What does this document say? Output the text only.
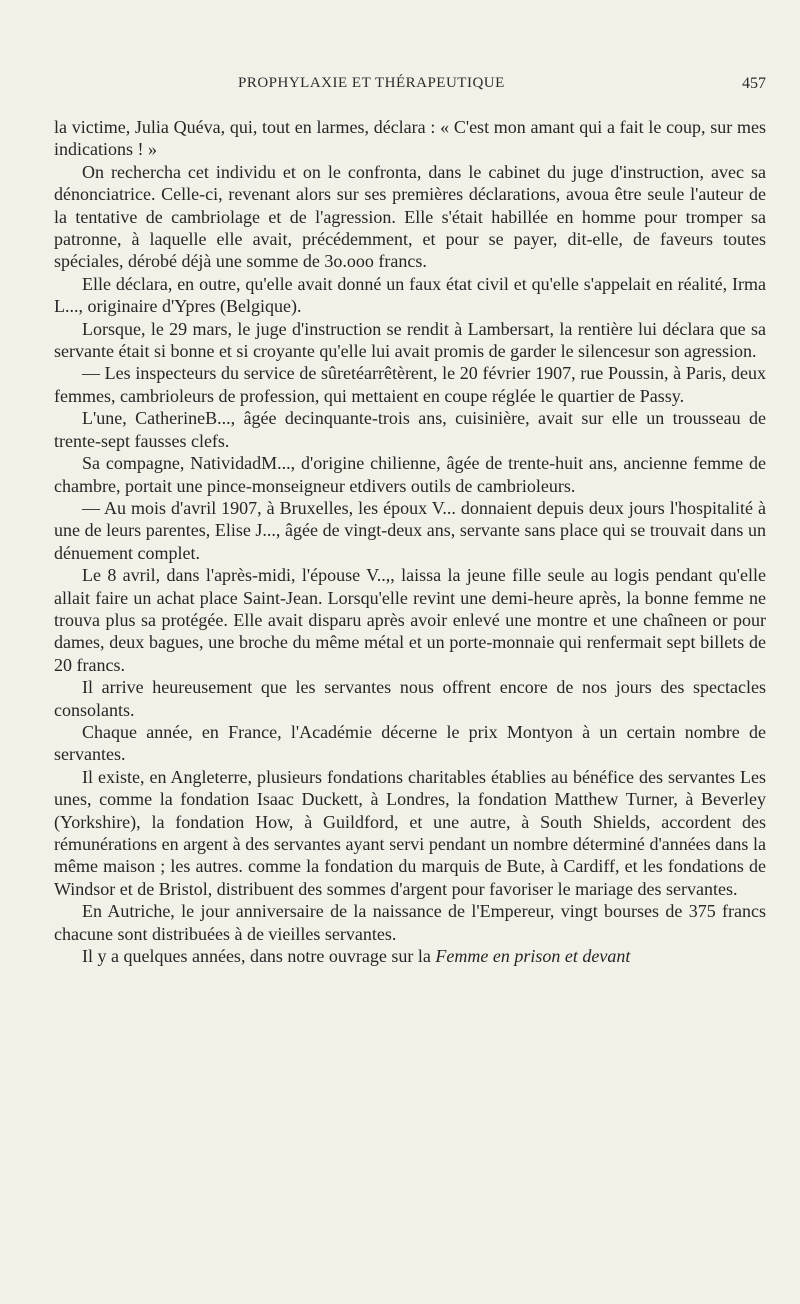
PROPHYLAXIE ET THÉRAPEUTIQUE	457

la victime, Julia Quéva, qui, tout en larmes, déclara : « C'est mon amant qui a fait le coup, sur mes indications ! »

On rechercha cet individu et on le confronta, dans le cabinet du juge d'instruction, avec sa dénonciatrice. Celle-ci, revenant alors sur ses premières déclarations, avoua être seule l'auteur de la tentative de cambriolage et de l'agression. Elle s'était habillée en homme pour tromper sa patronne, à laquelle elle avait, précédemment, et pour se payer, dit-elle, de faveurs toutes spéciales, dérobé déjà une somme de 3o.ooo francs.

Elle déclara, en outre, qu'elle avait donné un faux état civil et qu'elle s'appelait en réalité, Irma L..., originaire d'Ypres (Belgique).

Lorsque, le 29 mars, le juge d'instruction se rendit à Lambersart, la rentière lui déclara que sa servante était si bonne et si croyante qu'elle lui avait promis de garder le silencesur son agression.

— Les inspecteurs du service de sûretéarrêtèrent, le 20 février 1907, rue Poussin, à Paris, deux femmes, cambrioleurs de profession, qui mettaient en coupe réglée le quartier de Passy.

L'une, CatherineB..., âgée decinquante-trois ans, cuisinière, avait sur elle un trousseau de trente-sept fausses clefs.

Sa compagne, NatividadM..., d'origine chilienne, âgée de trente-huit ans, ancienne femme de chambre, portait une pince-monseigneur etdivers outils de cambrioleurs.

— Au mois d'avril 1907, à Bruxelles, les époux V... donnaient depuis deux jours l'hospitalité à une de leurs parentes, Elise J..., âgée de vingt-deux ans, servante sans place qui se trouvait dans un dénuement complet.

Le 8 avril, dans l'après-midi, l'épouse V..,, laissa la jeune fille seule au logis pendant qu'elle allait faire un achat place Saint-Jean. Lorsqu'elle revint une demi-heure après, la bonne femme ne trouva plus sa protégée. Elle avait disparu après avoir enlevé une montre et une chaîneen or pour dames, deux bagues, une broche du même métal et un porte-monnaie qui renfermait sept billets de 20 francs.

Il arrive heureusement que les servantes nous offrent encore de nos jours des spectacles consolants.

Chaque année, en France, l'Académie décerne le prix Montyon à un certain nombre de servantes.

Il existe, en Angleterre, plusieurs fondations charitables établies au bénéfice des servantes Les unes, comme la fondation Isaac Duckett, à Londres, la fondation Matthew Turner, à Beverley (Yorkshire), la fondation How, à Guildford, et une autre, à South Shields, accordent des rémunérations en argent à des servantes ayant servi pendant un nombre déterminé d'années dans la même maison ; les autres. comme la fondation du marquis de Bute, à Cardiff, et les fondations de Windsor et de Bristol, distribuent des sommes d'argent pour favoriser le mariage des servantes.

En Autriche, le jour anniversaire de la naissance de l'Empereur, vingt bourses de 375 francs chacune sont distribuées à de vieilles servantes.

Il y a quelques années, dans notre ouvrage sur la Femme en prison et devant
